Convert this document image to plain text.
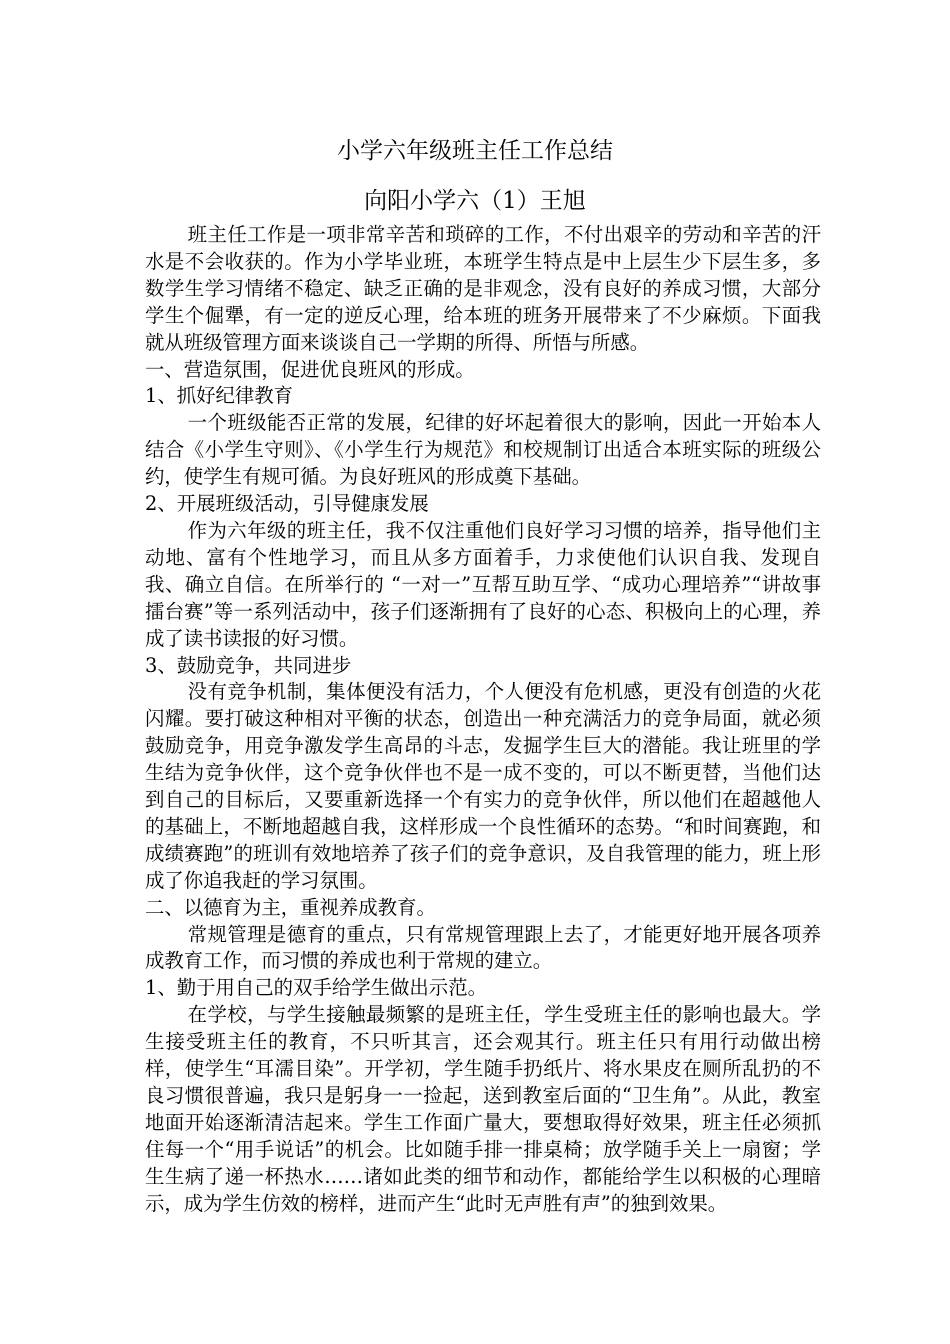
小学六年级班主任工作总结
向阳小学六（1）王旭

班主任工作是一项非常辛苦和琐碎的工作，不付出艰辛的劳动和辛苦的汗水是不会收获的。作为小学毕业班，本班学生特点是中上层生少下层生多，多数学生学习情绪不稳定、缺乏正确的是非观念，没有良好的养成习惯，大部分学生个倔犟，有一定的逆反心理，给本班的班务开展带来了不少麻烦。下面我就从班级管理方面来谈谈自己一学期的所得、所悟与所感。

一、营造氛围，促进优良班风的形成。

1、抓好纪律教育

一个班级能否正常的发展，纪律的好坏起着很大的影响，因此一开始本人结合《小学生守则》、《小学生行为规范》和校规制订出适合本班实际的班级公约，使学生有规可循。为良好班风的形成奠下基础。

2、开展班级活动，引导健康发展

作为六年级的班主任，我不仅注重他们良好学习习惯的培养，指导他们主动地、富有个性地学习，而且从多方面着手，力求使他们认识自我、发现自我、确立自信。在所举行的 “一对一”互帮互助互学、“成功心理培养”“讲故事擂台赛”等一系列活动中，孩子们逐渐拥有了良好的心态、积极向上的心理，养成了读书读报的好习惯。

3、鼓励竞争，共同进步

没有竞争机制，集体便没有活力，个人便没有危机感，更没有创造的火花闪耀。要打破这种相对平衡的状态，创造出一种充满活力的竞争局面，就必须鼓励竞争，用竞争激发学生高昂的斗志，发掘学生巨大的潜能。我让班里的学生结为竞争伙伴，这个竞争伙伴也不是一成不变的，可以不断更替，当他们达到自己的目标后，又要重新选择一个有实力的竞争伙伴，所以他们在超越他人的基础上，不断地超越自我，这样形成一个良性循环的态势。“和时间赛跑，和成绩赛跑”的班训有效地培养了孩子们的竞争意识，及自我管理的能力，班上形成了你追我赶的学习氛围。

二、以德育为主，重视养成教育。

常规管理是德育的重点，只有常规管理跟上去了，才能更好地开展各项养成教育工作，而习惯的养成也利于常规的建立。

1、勤于用自己的双手给学生做出示范。

在学校，与学生接触最频繁的是班主任，学生受班主任的影响也最大。学生接受班主任的教育，不只听其言，还会观其行。班主任只有用行动做出榜样，使学生“耳濡目染”。开学初，学生随手扔纸片、将水果皮在厕所乱扔的不良习惯很普遍，我只是躬身一一捡起，送到教室后面的“卫生角”。从此，教室地面开始逐渐清洁起来。学生工作面广量大，要想取得好效果，班主任必须抓住每一个“用手说话”的机会。比如随手排一排桌椅；放学随手关上一扇窗；学生生病了递一杯热水……诸如此类的细节和动作，都能给学生以积极的心理暗示，成为学生仿效的榜样，进而产生“此时无声胜有声”的独到效果。
